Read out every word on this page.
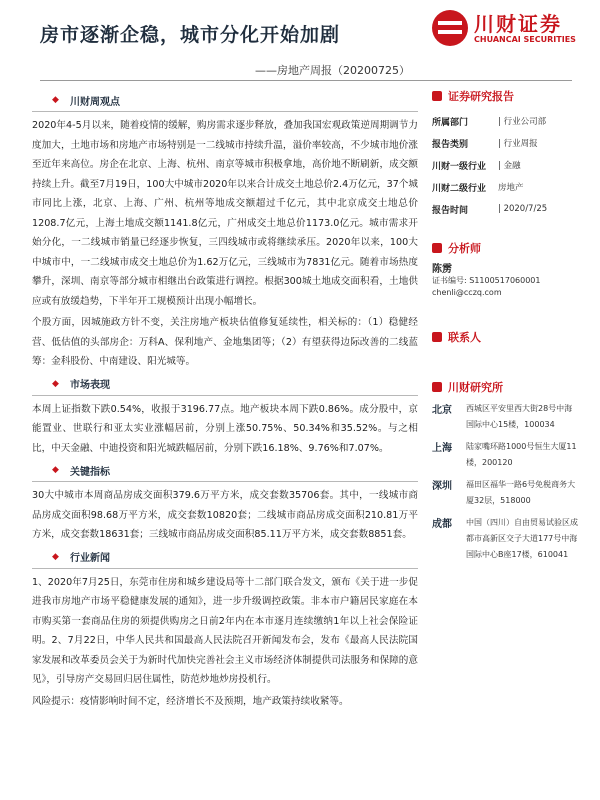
房市逐渐企稳，城市分化开始加剧
——房地产周报（20200725）
川财证券
CHUANCAI SECURITIES
◆	川财周观点

2020年4-5月以来，随着疫情的缓解，购房需求逐步释放，叠加我国宏观政策逆周期调节力度加大，土地市场和房地产市场特别是一二线城市持续升温，溢价率较高，不少城市地价涨至近年来高位。房企在北京、上海、杭州、南京等城市积极拿地，高价地不断刷新，成交额持续上升。截至7月19日，100大中城市2020年以来合计成交土地总价2.4万亿元，37个城市同比上涨，北京、上海、广州、杭州等地成交额超过千亿元，其中北京成交土地总价1208.7亿元，上海土地成交额1141.8亿元，广州成交土地总价1173.0亿元。城市需求开始分化，一二线城市销量已经逐步恢复，三四线城市或将继续承压。2020年以来，100大中城市中，一二线城市成交土地总价为1.62万亿元，三线城市为7831亿元。随着市场热度攀升，深圳、南京等部分城市相继出台政策进行调控。根据300城土地成交面积看，土地供应或有放缓趋势，下半年开工规模预计出现小幅增长。

个股方面，因城施政方针不变，关注房地产板块估值修复延续性，相关标的：（1）稳健经营、低估值的头部房企：万科A、保利地产、金地集团等；（2）有望获得边际改善的二线蓝筹：金科股份、中南建设、阳光城等。

◆	市场表现

本周上证指数下跌0.54%，收报于3196.77点。地产板块本周下跌0.86%。成分股中，京能置业、世联行和亚太实业涨幅居前，分别上涨50.75%、50.34%和35.52%。与之相比，中天金融、中迪投资和阳光城跌幅居前，分别下跌16.18%、9.76%和7.07%。

◆	关键指标

30大中城市本周商品房成交面积379.6万平方米，成交套数35706套。其中，一线城市商品房成交面积98.68万平方米，成交套数10820套；二线城市商品房成交面积210.81万平方米，成交套数18631套；三线城市商品房成交面积85.11万平方米，成交套数8851套。

◆	行业新闻

1、2020年7月25日，东莞市住房和城乡建设局等十二部门联合发文，颁布《关于进一步促进我市房地产市场平稳健康发展的通知》，进一步升级调控政策。非本市户籍居民家庭在本市购买第一套商品住房的须提供购房之日前2年内在本市逐月连续缴纳1年以上社会保险证明。2、7月22日，中华人民共和国最高人民法院召开新闻发布会，发布《最高人民法院国家发展和改革委员会关于为新时代加快完善社会主义市场经济体制提供司法服务和保障的意见》，引导房产交易回归居住属性，防范炒地炒房投机行。

风险提示：疫情影响时间不定，经济增长不及预期，地产政策持续收紧等。

证券研究报告
所属部门	| 行业公司部
报告类别	| 行业周报
川财一级行业	| 金融
川财二级行业	房地产
报告时间	| 2020/7/25
分析师
陈雳
证书编号: S1100517060001
chenli@cczq.com
联系人
川财研究所
北京	西城区平安里西大街28号中海国际中心15楼，100034
上海	陆家嘴环路1000号恒生大厦11楼，200120
深圳	福田区福华一路6号免税商务大厦32层，518000
成都	中国（四川）自由贸易试验区成都市高新区交子大道177号中海国际中心B座17楼，610041
